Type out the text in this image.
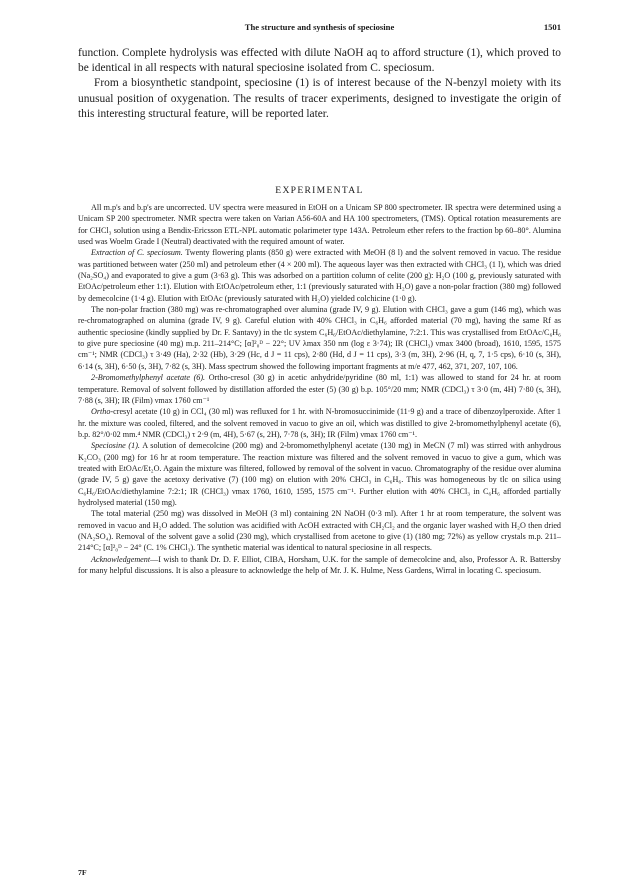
The structure and synthesis of speciosine	1501

function. Complete hydrolysis was effected with dilute NaOH aq to afford structure (1), which proved to be identical in all respects with natural speciosine isolated from C. speciosum.

From a biosynthetic standpoint, speciosine (1) is of interest because of the N-benzyl moiety with its unusual position of oxygenation. The results of tracer experiments, designed to investigate the origin of this interesting structural feature, will be reported later.

EXPERIMENTAL

All m.p's and b.p's are uncorrected. UV spectra were measured in EtOH on a Unicam SP 800 spectrometer. IR spectra were determined using a Unicam SP 200 spectrometer. NMR spectra were taken on Varian A56-60A and HA 100 spectrometers, (TMS). Optical rotation measurements are for CHCl₃ solution using a Bendix-Ericsson ETL-NPL automatic polarimeter type 143A. Petroleum ether refers to the fraction bp 60–80°. Alumina used was Woelm Grade I (Neutral) deactivated with the required amount of water.

Extraction of C. speciosum. Twenty flowering plants (850 g) were extracted with MeOH (8 l) and the solvent removed in vacuo. The residue was partitioned between water (250 ml) and petroleum ether (4 × 200 ml). The aqueous layer was then extracted with CHCl₃ (1 l), which was dried (Na₂SO₄) and evaporated to give a gum (3·63 g). This was adsorbed on a partition column of celite (200 g): H₂O (100 g, previously saturated with EtOAc/petroleum ether 1:1). Elution with EtOAc/petroleum ether, 1:1 (previously saturated with H₂O) gave a non-polar fraction (380 mg) followed by demecolcine (1·4 g). Elution with EtOAc (previously saturated with H₂O) yielded colchicine (1·0 g).

The non-polar fraction (380 mg) was re-chromatographed over alumina (grade IV, 9 g). Elution with CHCl₃ gave a gum (146 mg), which was re-chromatographed on alumina (grade IV, 9 g). Careful elution with 40% CHCl₃ in C₆H₆ afforded material (70 mg), having the same Rf as authentic speciosine (kindly supplied by Dr. F. Santavy) in the tlc system C₆H₆/EtOAc/diethylamine, 7:2:1. This was crystallised from EtOAc/C₆H₆ to give pure speciosine (40 mg) m.p. 211–214°C; [α]²₀ᴰ − 22°; UV λmax 350 nm (log ε 3·74); IR (CHCl₃) νmax 3400 (broad), 1610, 1595, 1575 cm⁻¹; NMR (CDCl₃) τ 3·49 (Ha), 2·32 (Hb), 3·29 (Hc, d J = 11 cps), 2·80 (Hd, d J = 11 cps), 3·3 (m, 3H), 2·96 (H, q, 7, 1·5 cps), 6·10 (s, 3H), 6·14 (s, 3H), 6·50 (s, 3H), 7·82 (s, 3H). Mass spectrum showed the following important fragments at m/e 477, 462, 371, 207, 107, 106.

2-Bromomethylphenyl acetate (6). Ortho-cresol (30 g) in acetic anhydride/pyridine (80 ml, 1:1) was allowed to stand for 24 hr. at room temperature. Removal of solvent followed by distillation afforded the ester (5) (30 g) b.p. 105°/20 mm; NMR (CDCl₃) τ 3·0 (m, 4H) 7·80 (s, 3H), 7·88 (s, 3H); IR (Film) νmax 1760 cm⁻¹

Ortho-cresyl acetate (10 g) in CCl₄ (30 ml) was refluxed for 1 hr. with N-bromosuccinimide (11·9 g) and a trace of dibenzoylperoxide. After 1 hr. the mixture was cooled, filtered, and the solvent removed in vacuo to give an oil, which was distilled to give 2-bromomethylphenyl acetate (6), b.p. 82°/0·02 mm.⁴ NMR (CDCl₃) τ 2·9 (m, 4H), 5·67 (s, 2H), 7·78 (s, 3H); IR (Film) νmax 1760 cm⁻¹.

Speciosine (1). A solution of demecolcine (200 mg) and 2-bromomethylphenyl acetate (130 mg) in MeCN (7 ml) was stirred with anhydrous K₂CO₃ (200 mg) for 16 hr at room temperature. The reaction mixture was filtered and the solvent removed in vacuo to give a gum, which was treated with EtOAc/Et₂O. Again the mixture was filtered, followed by removal of the solvent in vacuo. Chromatography of the residue over alumina (grade IV, 5 g) gave the acetoxy derivative (7) (100 mg) on elution with 20% CHCl₃ in C₆H₆. This was homogeneous by tlc on silica using C₆H₆/EtOAc/diethylamine 7:2:1; IR (CHCl₃) νmax 1760, 1610, 1595, 1575 cm⁻¹. Further elution with 40% CHCl₃ in C₆H₆ afforded partially hydrolysed material (150 mg).

The total material (250 mg) was dissolved in MeOH (3 ml) containing 2N NaOH (0·3 ml). After 1 hr at room temperature, the solvent was removed in vacuo and H₂O added. The solution was acidified with AcOH extracted with CH₂Cl₂ and the organic layer washed with H₂O then dried (NA₂SO₄). Removal of the solvent gave a solid (230 mg), which crystallised from acetone to give (1) (180 mg; 72%) as yellow crystals m.p. 211–214°C; [α]²₀ᴰ − 24° (C. 1% CHCl₃). The synthetic material was identical to natural speciosine in all respects.

Acknowledgement—I wish to thank Dr. D. F. Elliot, CIBA, Horsham, U.K. for the sample of demecolcine and, also, Professor A. R. Battersby for many helpful discussions. It is also a pleasure to acknowledge the help of Mr. J. K. Hulme, Ness Gardens, Wirral in locating C. speciosum.

7F
